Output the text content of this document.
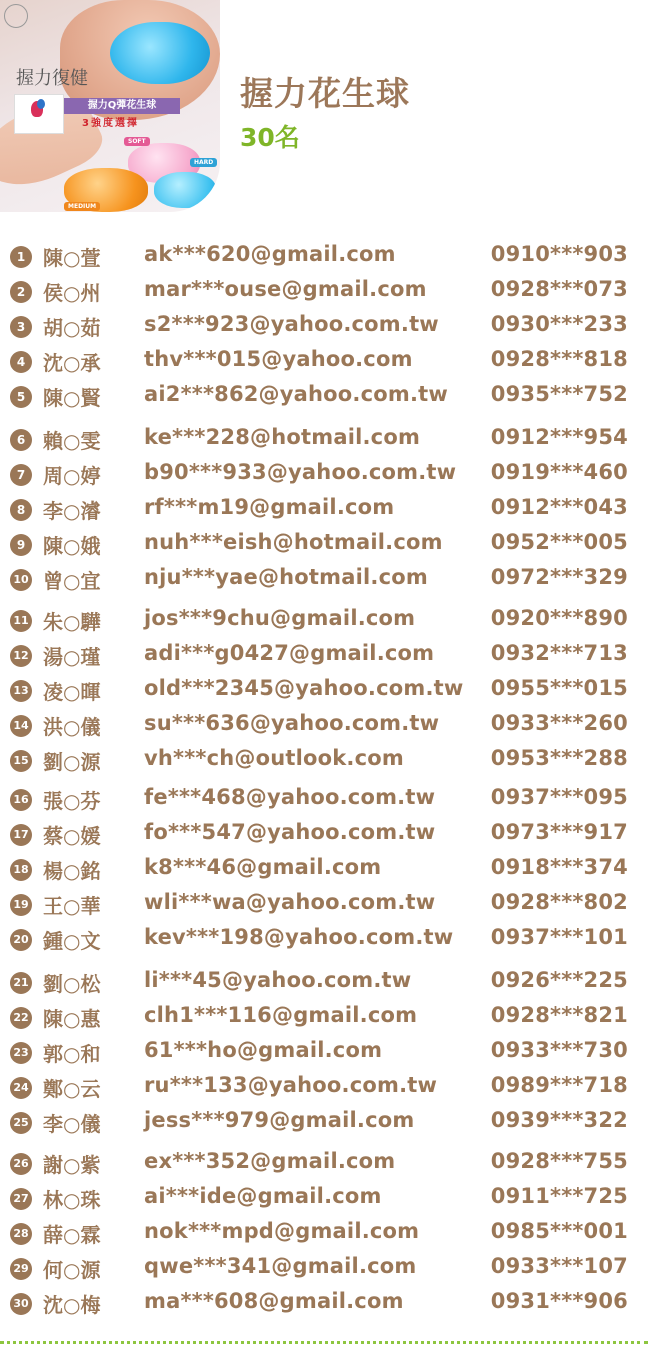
握力復健
握力Q彈花生球
3強度選擇
SOFT
HARD
MEDIUM
握力花生球
30名
1 陳○萱 ak***620@gmail.com	0910***903
2 侯○州 mar***ouse@gmail.com	0928***073
3 胡○茹 s2***923@yahoo.com.tw 0930***233
4 沈○承 thv***015@yahoo.com	0928***818
5 陳○賢 ai2***862@yahoo.com.tw 0935***752
6 賴○雯 ke***228@hotmail.com	0912***954
7 周○婷 b90***933@yahoo.com.tw 0919***460
8 李○濬 rf***m19@gmail.com	0912***043
9 陳○娥 nuh***eish@hotmail.com 0952***005
10 曾○宜 nju***yae@hotmail.com	0972***329
11 朱○驊 jos***9chu@gmail.com	0920***890
12 湯○瑾 adi***g0427@gmail.com	0932***713
13 凌○暉 old***2345@yahoo.com.tw 0955***015
14 洪○儀 su***636@yahoo.com.tw 0933***260
15 劉○源 vh***ch@outlook.com	0953***288
16 張○芬 fe***468@yahoo.com.tw	0937***095
17 蔡○媛 fo***547@yahoo.com.tw	0973***917
18 楊○銘 k8***46@gmail.com	0918***374
19 王○華 wli***wa@yahoo.com.tw	0928***802
20 鍾○文 kev***198@yahoo.com.tw 0937***101
21 劉○松 li***45@yahoo.com.tw	0926***225
22 陳○惠 clh1***116@gmail.com	0928***821
23 郭○和 61***ho@gmail.com	0933***730
24 鄭○云 ru***133@yahoo.com.tw	0989***718
25 李○儀 jess***979@gmail.com	0939***322
26 謝○紫 ex***352@gmail.com	0928***755
27 林○珠 ai***ide@gmail.com	0911***725
28 薛○霖 nok***mpd@gmail.com	0985***001
29 何○源 qwe***341@gmail.com	0933***107
30 沈○梅 ma***608@gmail.com	0931***906
